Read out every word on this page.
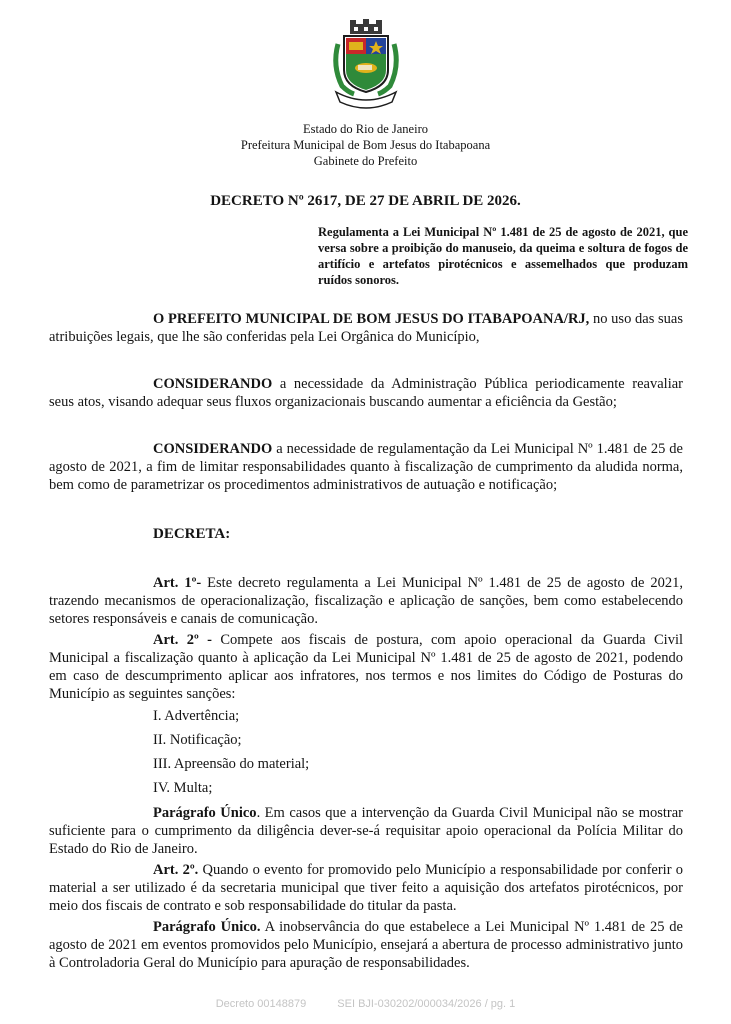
Estado do Rio de Janeiro
Prefeitura Municipal de Bom Jesus do Itabapoana
Gabinete do Prefeito
DECRETO Nº 2617, DE 27 DE ABRIL DE 2026.
Regulamenta a Lei Municipal Nº 1.481 de 25 de agosto de 2021, que versa sobre a proibição do manuseio, da queima e soltura de fogos de artifício e artefatos pirotécnicos e assemelhados que produzam ruídos sonoros.
O PREFEITO MUNICIPAL DE BOM JESUS DO ITABAPOANA/RJ, no uso das suas atribuições legais, que lhe são conferidas pela Lei Orgânica do Município,
CONSIDERANDO a necessidade da Administração Pública periodicamente reavaliar seus atos, visando adequar seus fluxos organizacionais buscando aumentar a eficiência da Gestão;
CONSIDERANDO a necessidade de regulamentação da Lei Municipal Nº 1.481 de 25 de agosto de 2021, a fim de limitar responsabilidades quanto à fiscalização de cumprimento da aludida norma, bem como de parametrizar os procedimentos administrativos de autuação e notificação;
DECRETA:
Art. 1º- Este decreto regulamenta a Lei Municipal Nº 1.481 de 25 de agosto de 2021, trazendo mecanismos de operacionalização, fiscalização e aplicação de sanções, bem como estabelecendo setores responsáveis e canais de comunicação.
Art. 2º - Compete aos fiscais de postura, com apoio operacional da Guarda Civil Municipal a fiscalização quanto à aplicação da Lei Municipal Nº 1.481 de 25 de agosto de 2021, podendo em caso de descumprimento aplicar aos infratores, nos termos e nos limites do Código de Posturas do Município as seguintes sanções:
I. Advertência;
II. Notificação;
III. Apreensão do material;
IV. Multa;
Parágrafo Único. Em casos que a intervenção da Guarda Civil Municipal não se mostrar suficiente para o cumprimento da diligência dever-se-á requisitar apoio operacional da Polícia Militar do Estado do Rio de Janeiro.
Art. 2º. Quando o evento for promovido pelo Município a responsabilidade por conferir o material a ser utilizado é da secretaria municipal que tiver feito a aquisição dos artefatos pirotécnicos, por meio dos fiscais de contrato e sob responsabilidade do titular da pasta.
Parágrafo Único. A inobservância do que estabelece a Lei Municipal Nº 1.481 de 25 de agosto de 2021 em eventos promovidos pelo Município, ensejará a abertura de processo administrativo junto à Controladoria Geral do Município para apuração de responsabilidades.
Decreto 00148879	SEI BJI-030202/000034/2026 / pg. 1
